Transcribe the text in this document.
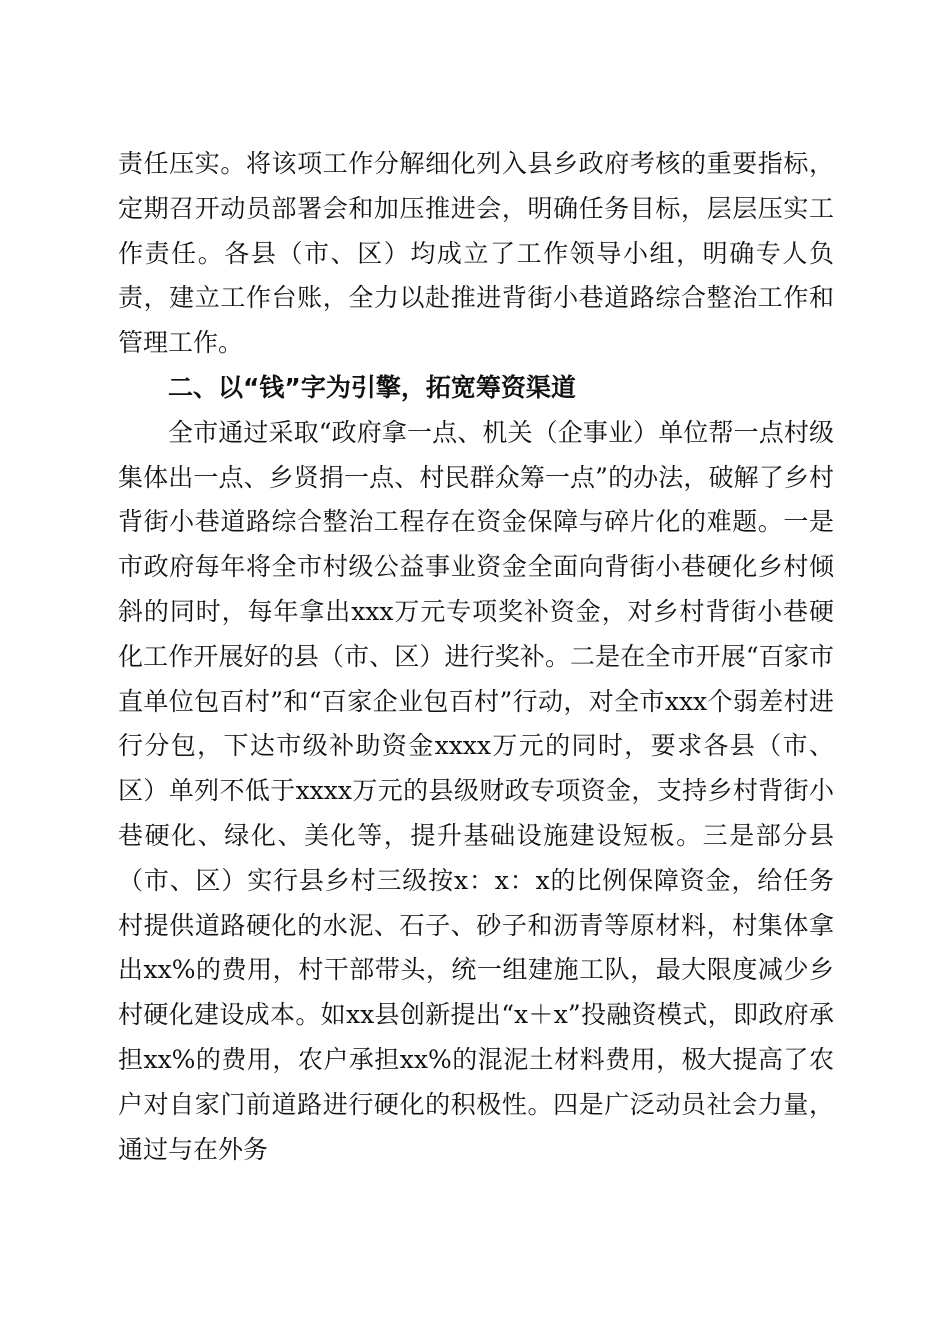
责任压实。将该项工作分解细化列入县乡政府考核的重要指标，定期召开动员部署会和加压推进会，明确任务目标，层层压实工作责任。各县（市、区）均成立了工作领导小组，明确专人负责，建立工作台账，全力以赴推进背街小巷道路综合整治工作和管理工作。

二、以“钱”字为引擎，拓宽筹资渠道

全市通过采取“政府拿一点、机关（企事业）单位帮一点村级集体出一点、乡贤捐一点、村民群众筹一点”的办法，破解了乡村背街小巷道路综合整治工程存在资金保障与碎片化的难题。一是市政府每年将全市村级公益事业资金全面向背街小巷硬化乡村倾斜的同时，每年拿出xxx万元专项奖补资金，对乡村背街小巷硬化工作开展好的县（市、区）进行奖补。二是在全市开展“百家市直单位包百村”和“百家企业包百村”行动，对全市xxx个弱差村进行分包，下达市级补助资金xxxx万元的同时，要求各县（市、区）单列不低于xxxx万元的县级财政专项资金，支持乡村背街小巷硬化、绿化、美化等，提升基础设施建设短板。三是部分县（市、区）实行县乡村三级按x：x：x的比例保障资金，给任务村提供道路硬化的水泥、石子、砂子和沥青等原材料，村集体拿出xx%的费用，村干部带头，统一组建施工队，最大限度减少乡村硬化建设成本。如xx县创新提出“x＋x”投融资模式，即政府承担xx%的费用，农户承担xx%的混泥土材料费用，极大提高了农户对自家门前道路进行硬化的积极性。四是广泛动员社会力量，通过与在外务
